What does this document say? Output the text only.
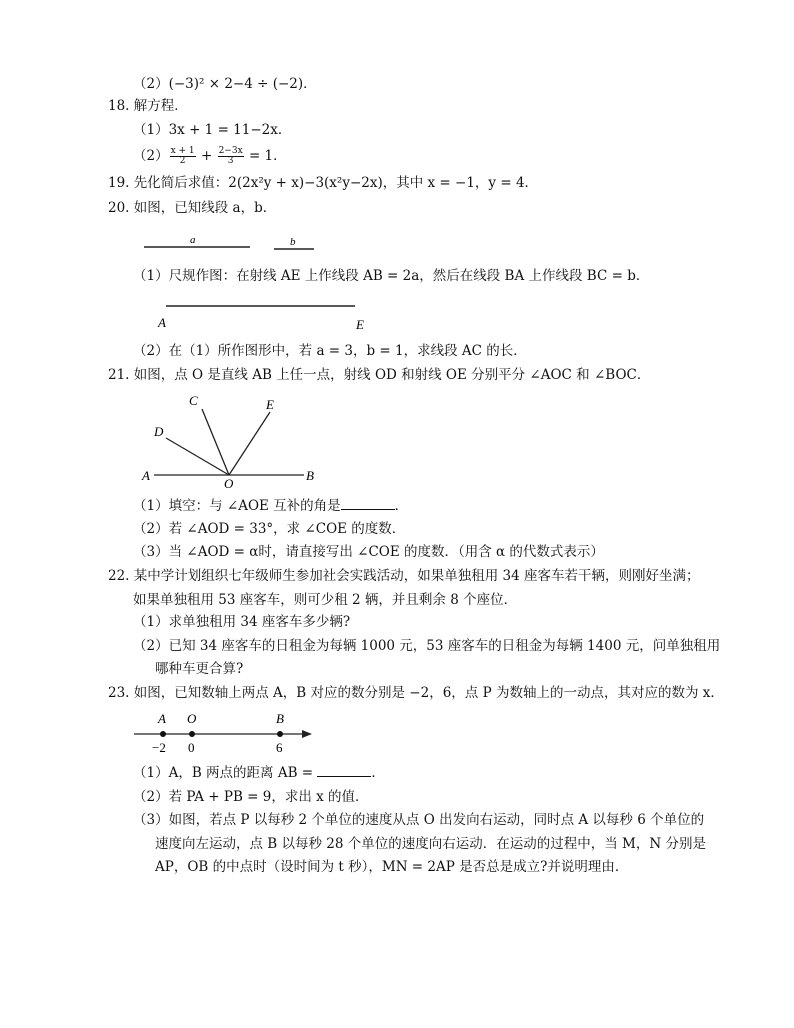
（2）(−3)² × 2−4 ÷ (−2)．
18. 解方程．
（1）3x + 1 = 11−2x．
$(2) \frac{x + 1}{2} + \frac{2-3x}{3} = 1$．
19. 先化简后求值：2(2x²y + x)−3(x²y−2x)，其中 x = −1，y = 4．
20. 如图，已知线段 a，b．
a	b
（1）尺规作图：在射线 AE 上作线段 AB = 2a，然后在线段 BA 上作线段 BC = b．
A	E
（2）在（1）所作图形中，若 a = 3，b = 1，求线段 AC 的长．
21. 如图，点 O 是直线 AB 上任一点，射线 OD 和射线 OE 分别平分 ∠AOC 和 ∠BOC．
A	B
C
D
E
O
（1）填空：与 ∠AOE 互补的角是	．
（2）若 ∠AOD = 33°，求 ∠COE 的度数．
（3）当 ∠AOD = α时，请直接写出 ∠COE 的度数．（用含 α 的代数式表示）
22. 某中学计划组织七年级师生参加社会实践活动，如果单独租用 34 座客车若干辆，则刚好坐满；
如果单独租用 53 座客车，则可少租 2 辆，并且剩余 8 个座位．
（1）求单独租用 34 座客车多少辆?
（2）已知 34 座客车的日租金为每辆 1000 元，53 座客车的日租金为每辆 1400 元，问单独租用
哪种车更合算?
23. 如图，已知数轴上两点 A，B 对应的数分别是 −2，6，点 P 为数轴上的一动点，其对应的数为 x．
A O	B
−2 0	6
（1）A，B 两点的距离 AB =	．
（2）若 PA + PB = 9，求出 x 的值．
（3）如图，若点 P 以每秒 2 个单位的速度从点 O 出发向右运动，同时点 A 以每秒 6 个单位的
速度向左运动，点 B 以每秒 28 个单位的速度向右运动．在运动的过程中，当 M，N 分别是
AP，OB 的中点时（设时间为 t 秒），MN = 2AP 是否总是成立?并说明理由．
